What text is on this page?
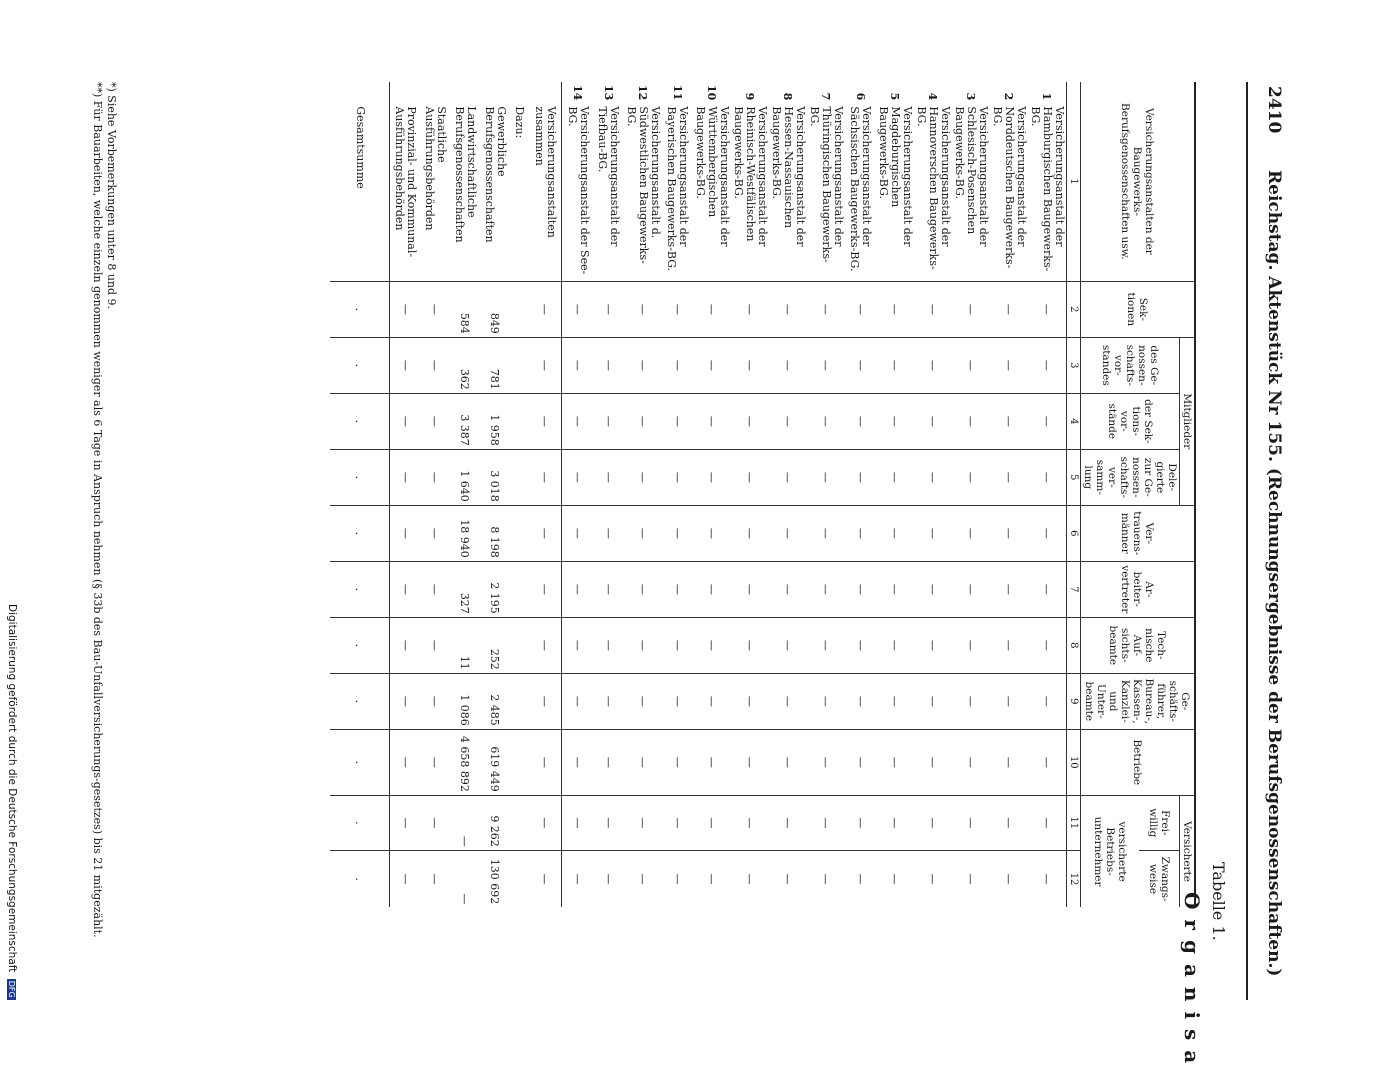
Digitalisierung gefördert durch die Deutsche Forschungsgemeinschaft DFG
2410
Reichstag. Aktenstück Nr 155. (Rechnungsergebnisse der Berufsgenossenschaften.)
Tabelle 1.
Organisa
Versicherungsanstalten der Baugewerks-Berufsgenossenschaften usw.		Sek-tionen	Mitglieder			Ver-trauens-männer	Ar-beiter-vertreter	Tech-nische Auf-sichts-beamte	Ge-schäfts-führer, Bureau-, Kassen-, Kanzlei- und Unter-beamte	Betriebe	Versicherte	
			des Ge-nossen-schafts-vor-standes	der Sek-tions-vor-stände	Dele-gierte zur Ge-nossen-schafts-ver-samm-lung						Frei-willig	Zwangs-weise
											versicherte Betriebs-unternehmer	
1		2	3	4	5	6	7	8	9	10	11	12
1	Versicherungsanstalt der Hamburgischen Baugewerks-BG.	—	—	—	—	—	—	—	—	—	—	—
2	Versicherungsanstalt der Norddeutschen Baugewerks-BG.	—	—	—	—	—	—	—	—	—	—	—
3	Versicherungsanstalt der Schlesisch-Posenschen Baugewerks-BG.	—	—	—	—	—	—	—	—	—	—	—
4	Versicherungsanstalt der Hannoverschen Baugewerks-BG.	—	—	—	—	—	—	—	—	—	—	—
5	Versicherungsanstalt der Magdeburgischen Baugewerks-BG.	—	—	—	—	—	—	—	—	—	—	—
6	Versicherungsanstalt der Sächsischen Baugewerks-BG.	—	—	—	—	—	—	—	—	—	—	—
7	Versicherungsanstalt der Thüringischen Baugewerks-BG.	—	—	—	—	—	—	—	—	—	—	—
8	Versicherungsanstalt der Hessen-Nassauischen Baugewerks-BG.	—	—	—	—	—	—	—	—	—	—	—
9	Versicherungsanstalt der Rheinisch-Westfälischen Baugewerks-BG.	—	—	—	—	—	—	—	—	—	—	—
10	Versicherungsanstalt der Württembergischen Baugewerks-BG.	—	—	—	—	—	—	—	—	—	—	—
11	Versicherungsanstalt der Bayerischen Baugewerks-BG.	—	—	—	—	—	—	—	—	—	—	—
12	Versicherungsanstalt d. Südwestlichen Baugewerks-BG.	—	—	—	—	—	—	—	—	—	—	—
13	Versicherungsanstalt der Tiefbau-BG.	—	—	—	—	—	—	—	—	—	—	—
14	Versicherungsanstalt der See-BG.	—	—	—	—	—	—	—	—	—	—	—
	Versicherungsanstalten zusammen	—	—	—	—	—	—	—	—	—	—	—
	Dazu:											
	Gewerbliche Berufsgenossenschaften	849	781	1 958	3 018	8 198	2 195	252	2 485	619 449	9 262	130 692
	Landwirtschaftliche Berufsgenossenschaften	584	362	3 387	1 640	18 940	327	11	1 086	4 658 892	—	—
	Staatliche Ausführungsbehörden	—	—	—	—	—	—	—	—	—	—	—
	Provinzial- und Kommunal-Ausführungsbehörden	—	—	—	—	—	—	—	—	—	—	—
	Gesamtsumme	.	.	.	.	.	.	.	.	.	.	.
*) Siehe Vorbemerkungen unter 8 und 9.
**) Für Bauarbeiten, welche einzeln genommen weniger als 6 Tage in Anspruch nehmen (§ 33b des Bau-Unfallversicherungs-gesetzes) bis 21 mitgezählt.
